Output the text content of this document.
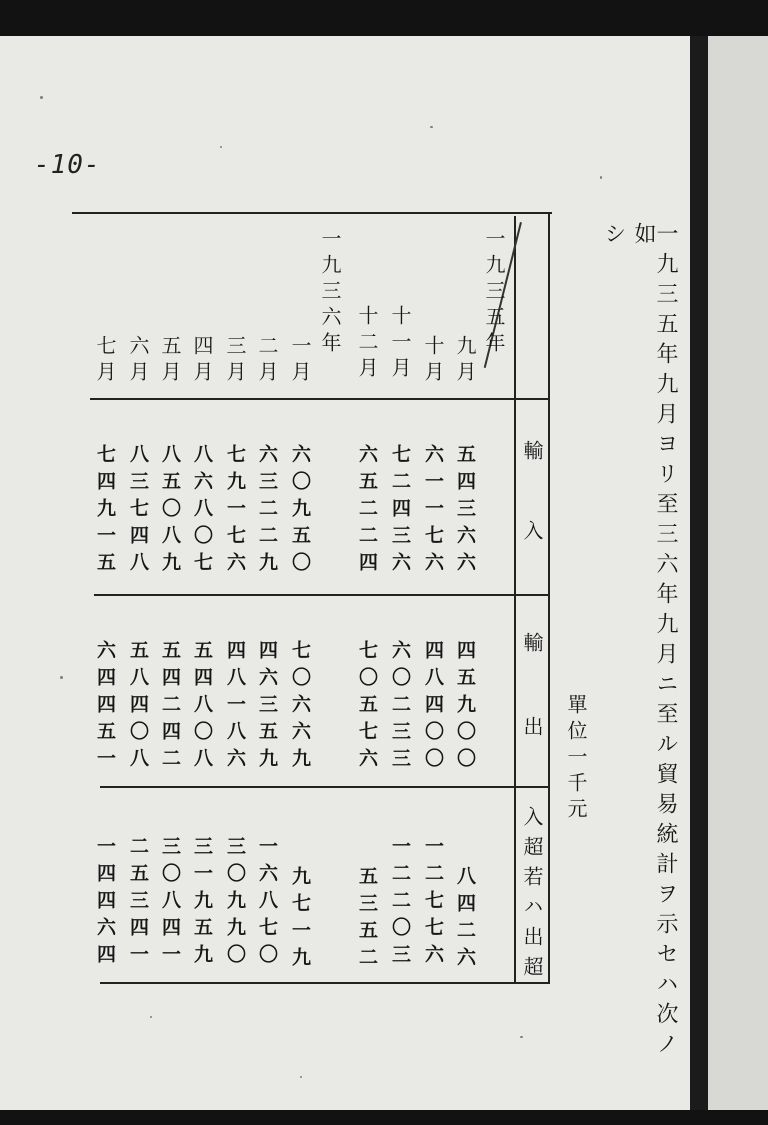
-10-
一九三五年九月ヨリ至三六年九月ニ至ル貿易統計ヲ示セハ次ノ如
シ
單位一千元
輸入
輸出
入超若ハ出超
一九三五年
一九三六年
九月
五四三六六
四五九〇〇
八四二六
十月
六一一七六
四八四〇〇
一二七七六
十一月
七二四三六
六〇二三三
一二二〇三
十二月
六五二二四
七〇五七六
五三五二
一月
六〇九五〇
七〇六六九
九七一九
二月
六三二二九
四六三五九
一六八七〇
三月
七九一七六
四八一八六
三〇九九〇
四月
八六八〇七
五四八〇八
三一九五九
五月
八五〇八九
五四二四二
三〇八四一
六月
八三七四八
五八四〇八
二五三四一
七月
七四九一五
六四四五一
一四四六四
